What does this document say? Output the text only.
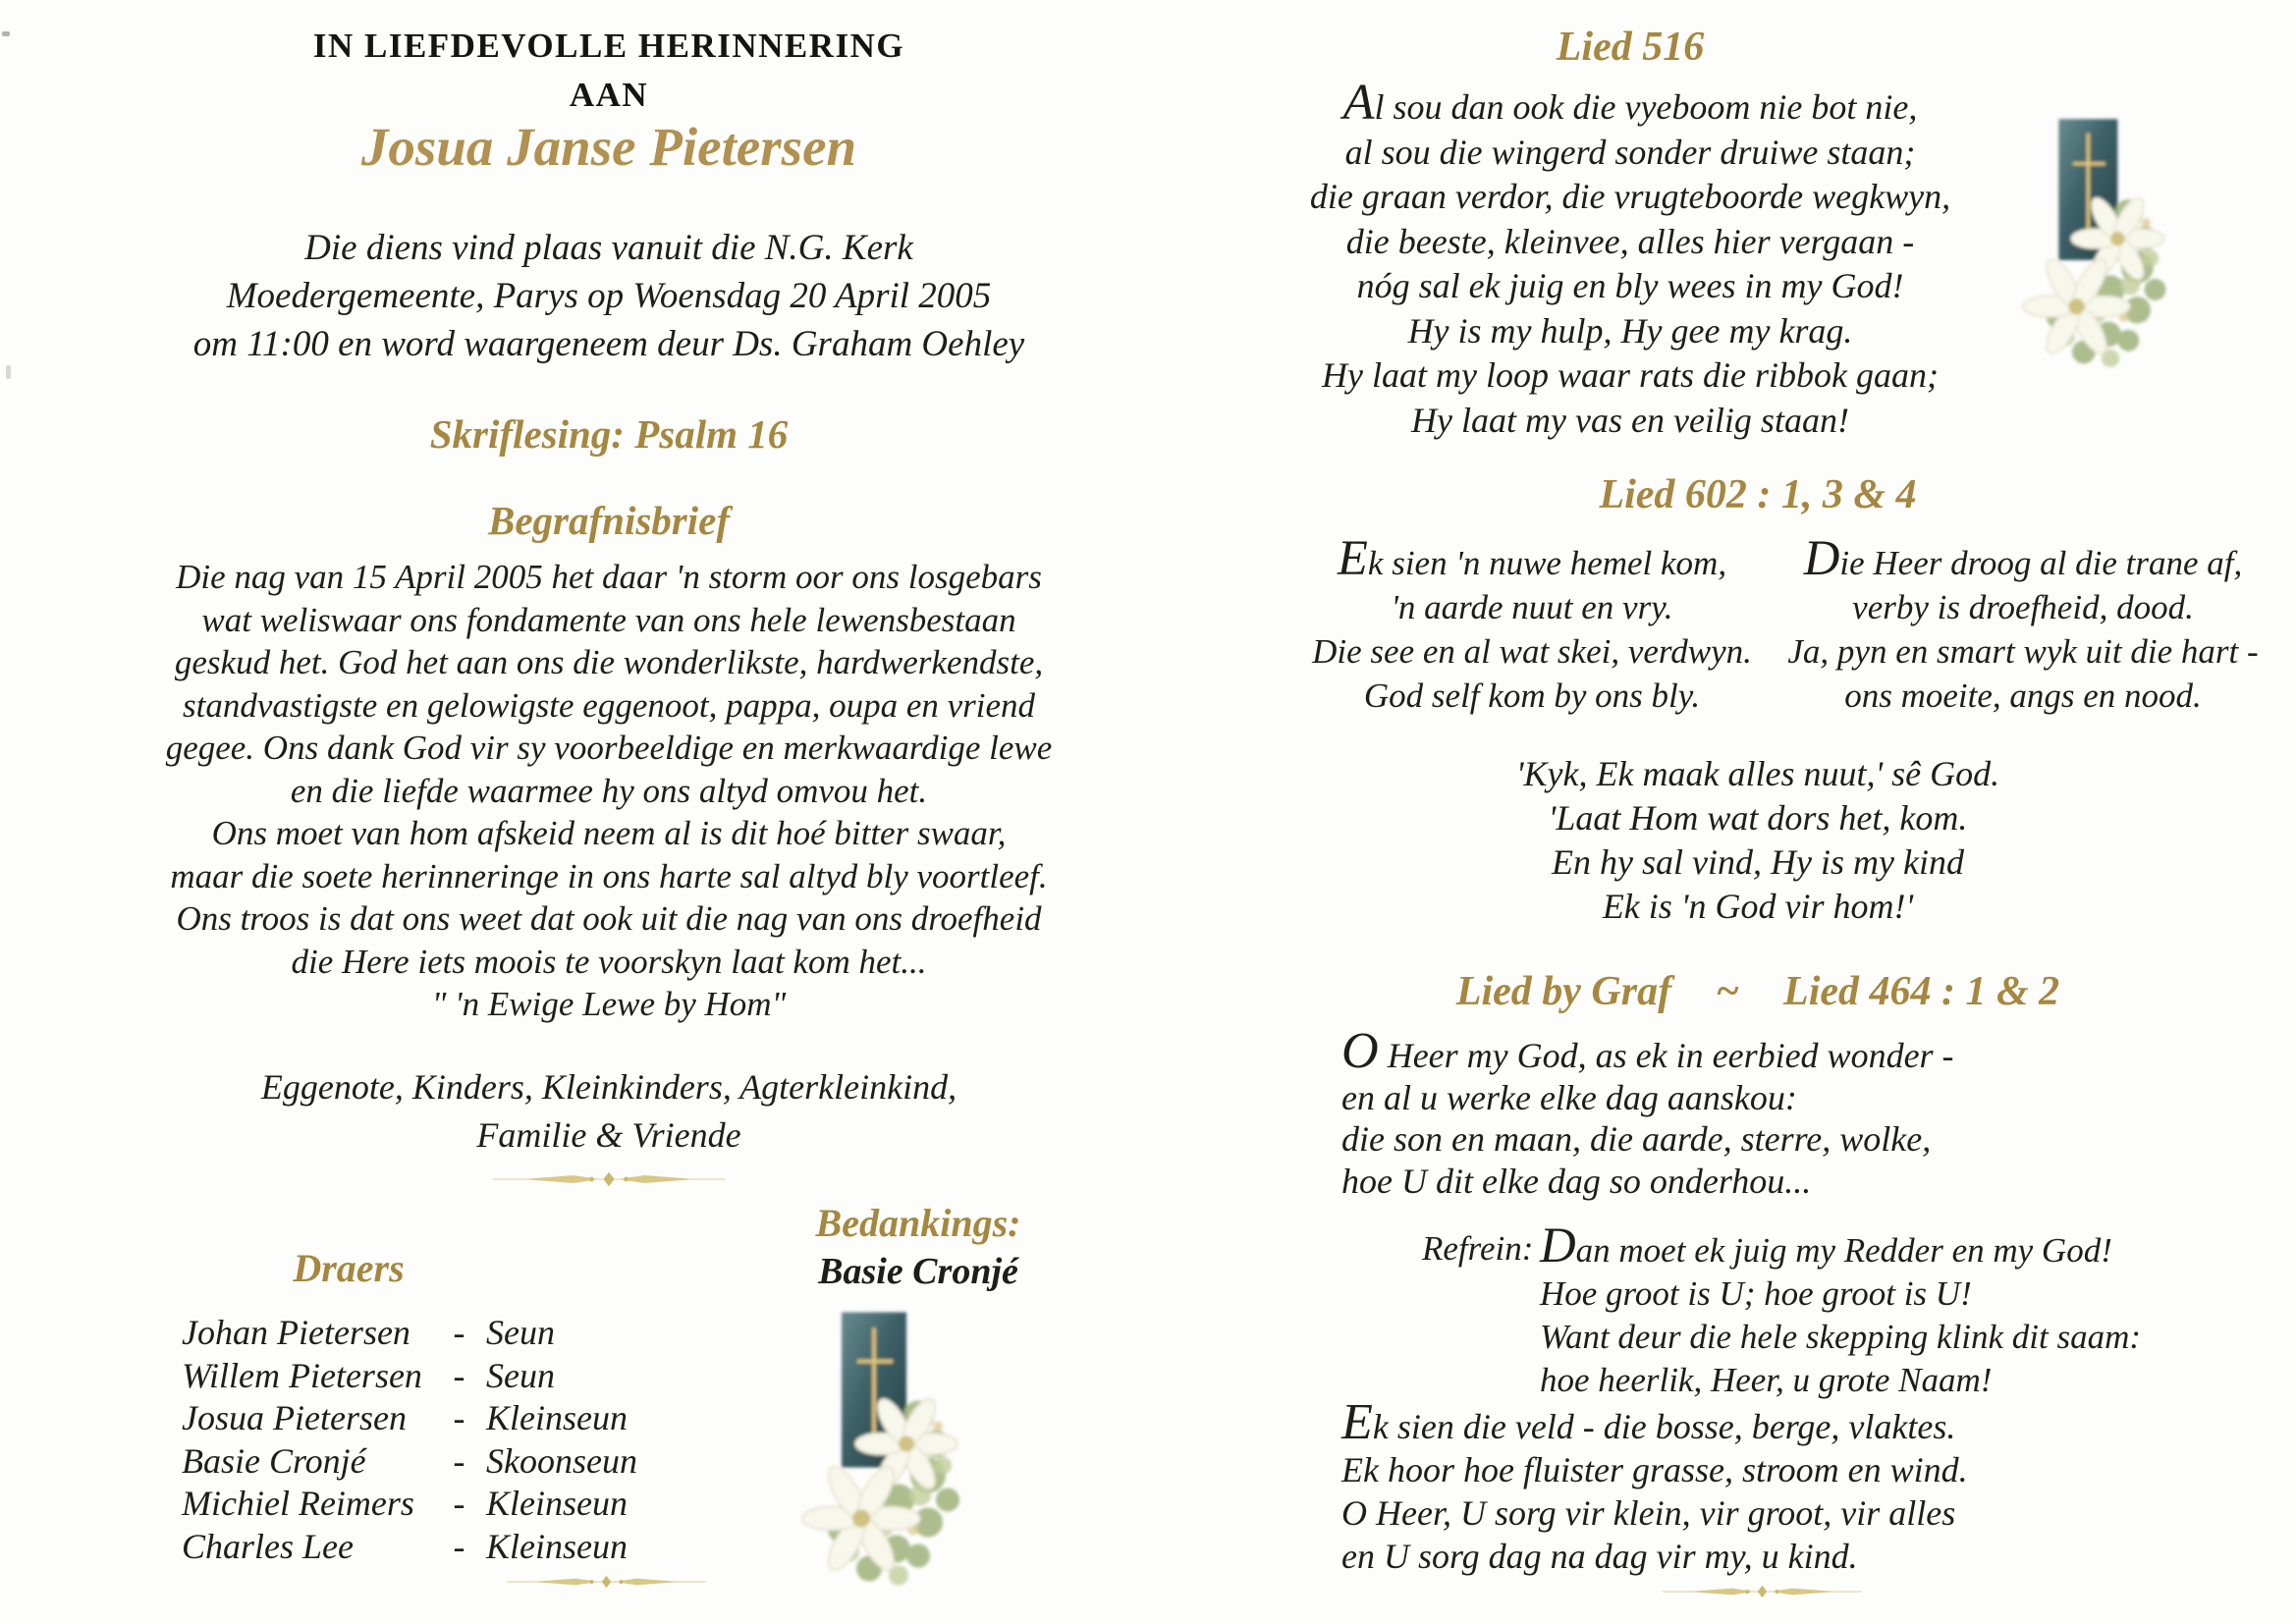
IN LIEFDEVOLLE HERINNERING
AAN
Josua Janse Pietersen
Die diens vind plaas vanuit die N.G. Kerk
Moedergemeente, Parys op Woensdag 20 April 2005
om 11:00 en word waargeneem deur Ds. Graham Oehley
Skriflesing: Psalm 16
Begrafnisbrief
Die nag van 15 April 2005 het daar 'n storm oor ons losgebars
wat weliswaar ons fondamente van ons hele lewensbestaan
geskud het. God het aan ons die wonderlikste, hardwerkendste,
standvastigste en gelowigste eggenoot, pappa, oupa en vriend
gegee. Ons dank God vir sy voorbeeldige en merkwaardige lewe
en die liefde waarmee hy ons altyd omvou het.
Ons moet van hom afskeid neem al is dit hoé bitter swaar,
maar die soete herinneringe in ons harte sal altyd bly voortleef.
Ons troos is dat ons weet dat ook uit die nag van ons droefheid
die Here iets moois te voorskyn laat kom het...
" 'n Ewige Lewe by Hom"
Eggenote, Kinders, Kleinkinders, Agterkleinkind,
Familie & Vriende
Draers
Johan Pietersen	- Seun
Willem Pietersen - Seun
Josua Pietersen	- Kleinseun
Basie Cronjé	- Skoonseun
Michiel Reimers	- Kleinseun
Charles Lee	- Kleinseun
Bedankings:
Basie Cronjé
Lied 516
Al sou dan ook die vyeboom nie bot nie,
al sou die wingerd sonder druiwe staan;
die graan verdor, die vrugteboorde wegkwyn,
die beeste, kleinvee, alles hier vergaan -
nóg sal ek juig en bly wees in my God!
Hy is my hulp, Hy gee my krag.
Hy laat my loop waar rats die ribbok gaan;
Hy laat my vas en veilig staan!
Lied 602 : 1, 3 & 4
Ek sien 'n nuwe hemel kom,
'n aarde nuut en vry.
Die see en al wat skei, verdwyn.
God self kom by ons bly.
Die Heer droog al die trane af,
verby is droefheid, dood.
Ja, pyn en smart wyk uit die hart -
ons moeite, angs en nood.
'Kyk, Ek maak alles nuut,' sê God.
'Laat Hom wat dors het, kom.
En hy sal vind, Hy is my kind
Ek is 'n God vir hom!'
Lied by Graf ~ Lied 464 : 1 & 2
O Heer my God, as ek in eerbied wonder -
en al u werke elke dag aanskou:
die son en maan, die aarde, sterre, wolke,
hoe U dit elke dag so onderhou...
Refrein: Dan moet ek juig my Redder en my God!
Hoe groot is U; hoe groot is U!
Want deur die hele skepping klink dit saam:
hoe heerlik, Heer, u grote Naam!
Ek sien die veld - die bosse, berge, vlaktes.
Ek hoor hoe fluister grasse, stroom en wind.
O Heer, U sorg vir klein, vir groot, vir alles
en U sorg dag na dag vir my, u kind.
